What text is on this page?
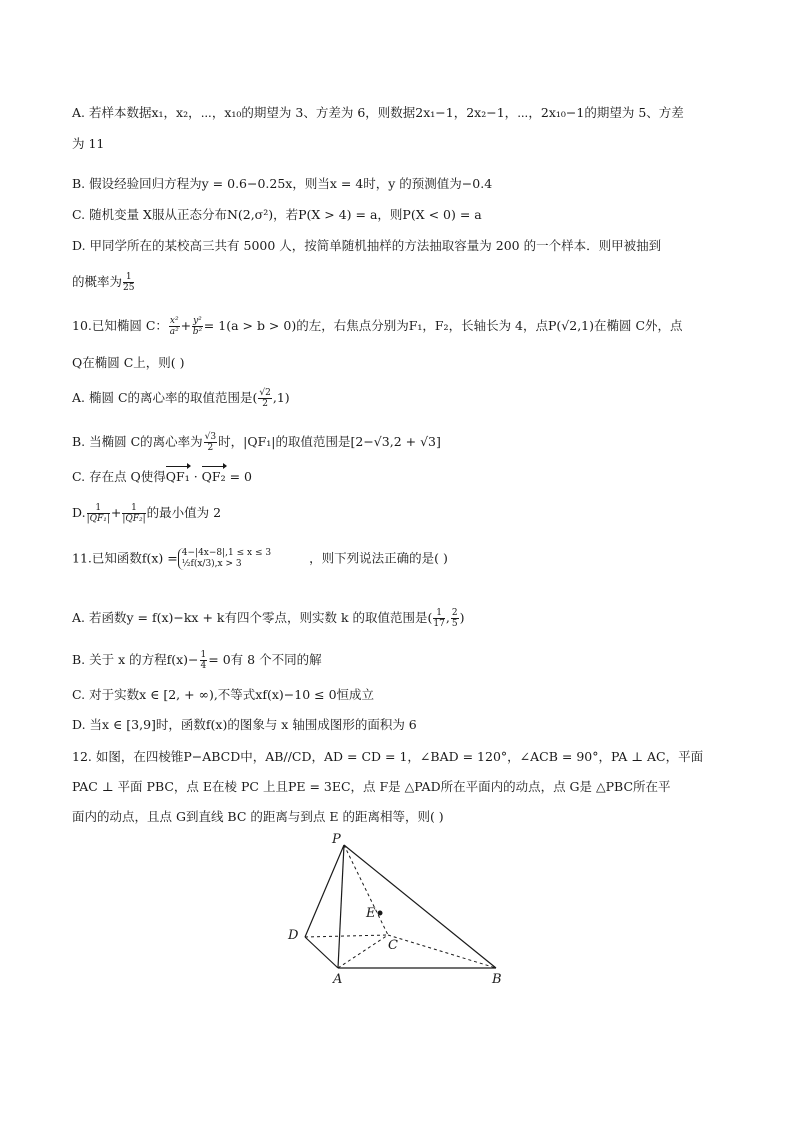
A. 若样本数据x₁，x₂，⋯，x₁₀的期望为 3、方差为 6，则数据2x₁−1，2x₂−1，⋯，2x₁₀−1的期望为 5、方差
为 11
B. 假设经验回归方程为y = 0.6−0.25x，则当x = 4时，y 的预测值为−0.4
C. 随机变量 X服从正态分布N(2,σ²)，若P(X > 4) = a，则P(X < 0) = a
D. 甲同学所在的某校高三共有 5000 人，按简单随机抽样的方法抽取容量为 200 的一个样本．则甲被抽到
的概率为 $\frac{1}{25}$
10.已知椭圆 C： $\frac{\text{x²}}{\text{a²}} + \frac{\text{y²}}{\text{b²}} = 1(a > b > 0)$的左，右焦点分别为F₁，F₂，长轴长为 4，点P(√2,1)在椭圆 C外，点
Q在椭圆 C上，则( )
A. 椭圆 C的离心率的取值范围是( $\frac{√2}{2} ,1$)
B. 当椭圆 C的离心率为 $\frac{√3}{2}$ 时，|QF₁|的取值范围是[2−√3,2 + √3]
C. 存在点 Q使得QF₁ · QF₂ = 0
D. $\frac{1}{\text{|QF₁|}} + \frac{1}{\text{|QF₂|}}$ 的最小值为 2
11.已知函数f(x) = 4−|4x−8|,1 ≤ x ≤ 3
½f(x/3),x > 3	，则下列说法正确的是( )
A. 若函数y = f(x)−kx + k有四个零点，则实数 k 的取值范围是( $\frac{1}{17}$ , $\frac{2}{5}$ )
B. 关于 x 的方程$f(x)- \frac{1}{4} = 0$有 8 个不同的解
C. 对于实数x ∈ [2, + ∞),不等式xf(x)−10 ≤ 0恒成立
D. 当x ∈ [3,9]时，函数f(x)的图象与 x 轴围成图形的面积为 6
12. 如图，在四棱锥P−ABCD中，AB//CD，AD = CD = 1，∠BAD = 120°，∠ACB = 90°，PA ⊥ AC，平面
PAC ⊥ 平面 PBC，点 E在棱 PC 上且PE = 3EC，点 F是 △PAD所在平面内的动点，点 G是 △PBC所在平
面内的动点，且点 G到直线 BC 的距离与到点 E 的距离相等，则( )
P
D
E
C
A	B
